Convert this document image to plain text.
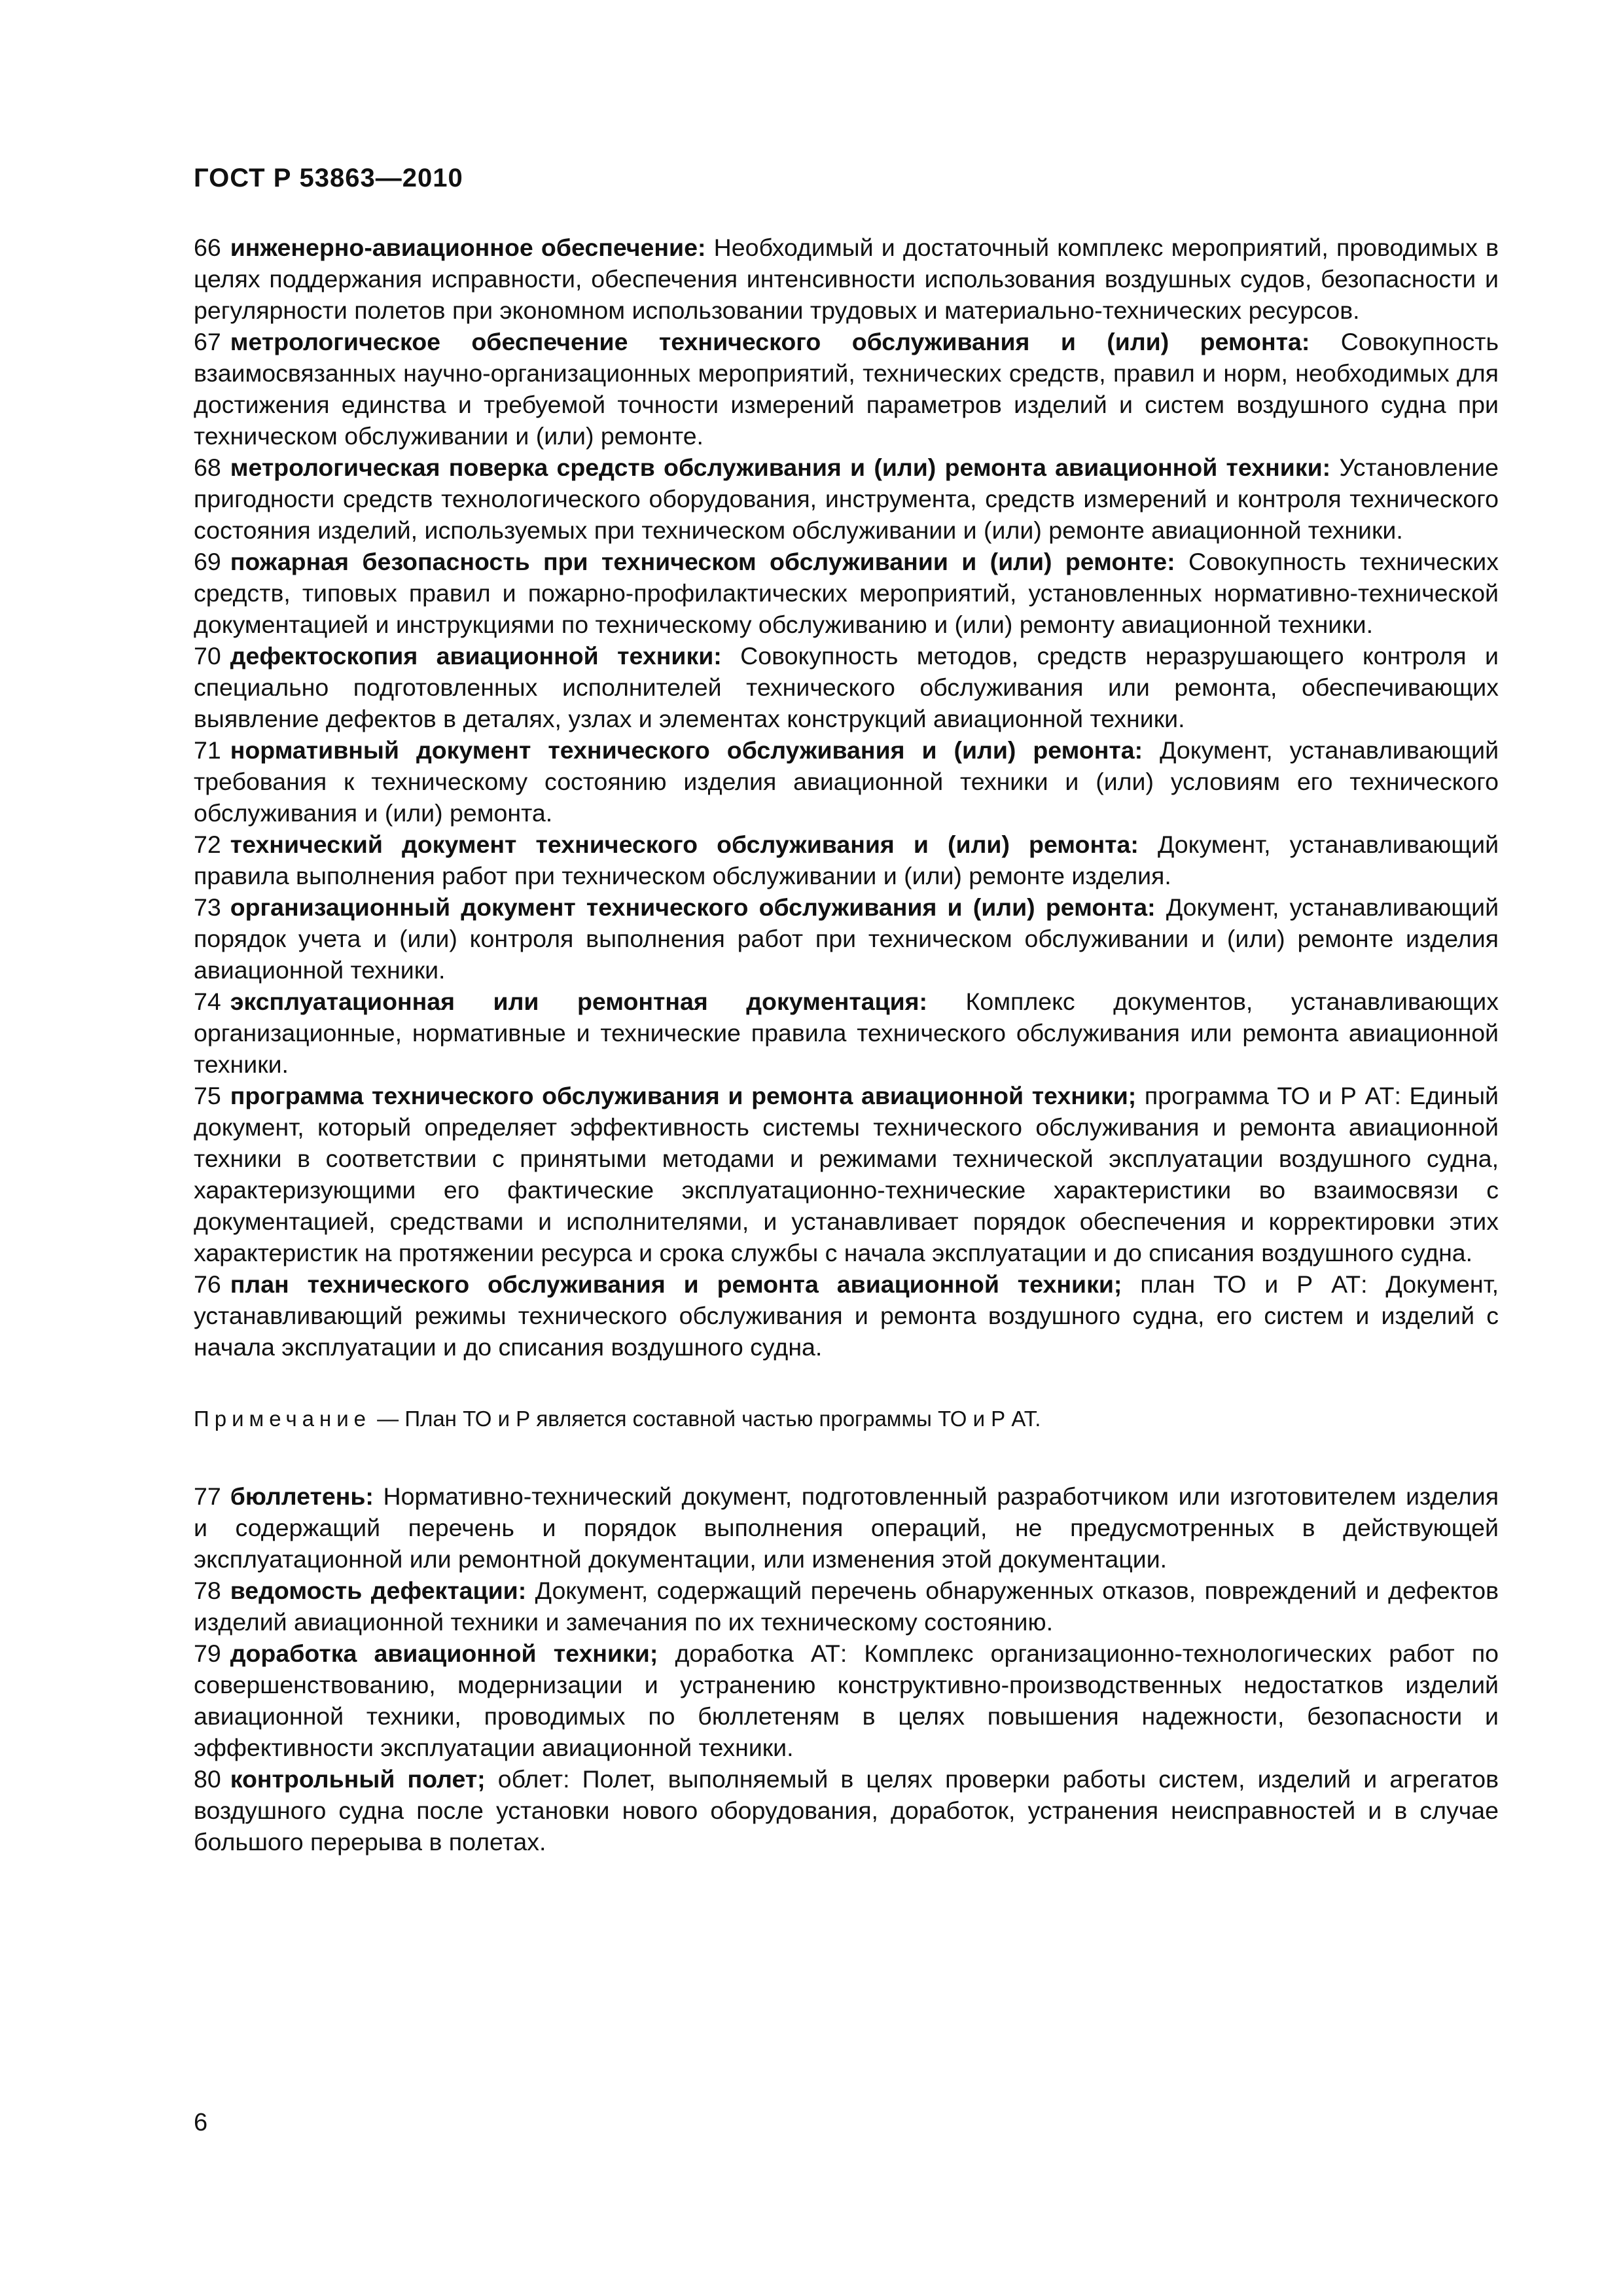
ГОСТ Р 53863—2010

66 инженерно-авиационное обеспечение: Необходимый и достаточный комплекс мероприятий, проводимых в целях поддержания исправности, обеспечения интенсивности использования воздушных судов, безопасности и регулярности полетов при экономном использовании трудовых и материально-технических ресурсов.

67 метрологическое обеспечение технического обслуживания и (или) ремонта: Совокупность взаимосвязанных научно-организационных мероприятий, технических средств, правил и норм, необходимых для достижения единства и требуемой точности измерений параметров изделий и систем воздушного судна при техническом обслуживании и (или) ремонте.

68 метрологическая поверка средств обслуживания и (или) ремонта авиационной техники: Установление пригодности средств технологического оборудования, инструмента, средств измерений и контроля технического состояния изделий, используемых при техническом обслуживании и (или) ремонте авиационной техники.

69 пожарная безопасность при техническом обслуживании и (или) ремонте: Совокупность технических средств, типовых правил и пожарно-профилактических мероприятий, установленных нормативно-технической документацией и инструкциями по техническому обслуживанию и (или) ремонту авиационной техники.

70 дефектоскопия авиационной техники: Совокупность методов, средств неразрушающего контроля и специально подготовленных исполнителей технического обслуживания или ремонта, обеспечивающих выявление дефектов в деталях, узлах и элементах конструкций авиационной техники.

71 нормативный документ технического обслуживания и (или) ремонта: Документ, устанавливающий требования к техническому состоянию изделия авиационной техники и (или) условиям его технического обслуживания и (или) ремонта.

72 технический документ технического обслуживания и (или) ремонта: Документ, устанавливающий правила выполнения работ при техническом обслуживании и (или) ремонте изделия.

73 организационный документ технического обслуживания и (или) ремонта: Документ, устанавливающий порядок учета и (или) контроля выполнения работ при техническом обслуживании и (или) ремонте изделия авиационной техники.

74 эксплуатационная или ремонтная документация: Комплекс документов, устанавливающих организационные, нормативные и технические правила технического обслуживания или ремонта авиационной техники.

75 программа технического обслуживания и ремонта авиационной техники; программа ТО и Р АТ: Единый документ, который определяет эффективность системы технического обслуживания и ремонта авиационной техники в соответствии с принятыми методами и режимами технической эксплуатации воздушного судна, характеризующими его фактические эксплуатационно-технические характеристики во взаимосвязи с документацией, средствами и исполнителями, и устанавливает порядок обеспечения и корректировки этих характеристик на протяжении ресурса и срока службы с начала эксплуатации и до списания воздушного судна.

76 план технического обслуживания и ремонта авиационной техники; план ТО и Р АТ: Документ, устанавливающий режимы технического обслуживания и ремонта воздушного судна, его систем и изделий с начала эксплуатации и до списания воздушного судна.

Примечание — План ТО и Р является составной частью программы ТО и Р АТ.

77 бюллетень: Нормативно-технический документ, подготовленный разработчиком или изготовителем изделия и содержащий перечень и порядок выполнения операций, не предусмотренных в действующей эксплуатационной или ремонтной документации, или изменения этой документации.

78 ведомость дефектации: Документ, содержащий перечень обнаруженных отказов, повреждений и дефектов изделий авиационной техники и замечания по их техническому состоянию.

79 доработка авиационной техники; доработка АТ: Комплекс организационно-технологических работ по совершенствованию, модернизации и устранению конструктивно-производственных недостатков изделий авиационной техники, проводимых по бюллетеням в целях повышения надежности, безопасности и эффективности эксплуатации авиационной техники.

80 контрольный полет; облет: Полет, выполняемый в целях проверки работы систем, изделий и агрегатов воздушного судна после установки нового оборудования, доработок, устранения неисправностей и в случае большого перерыва в полетах.

6
